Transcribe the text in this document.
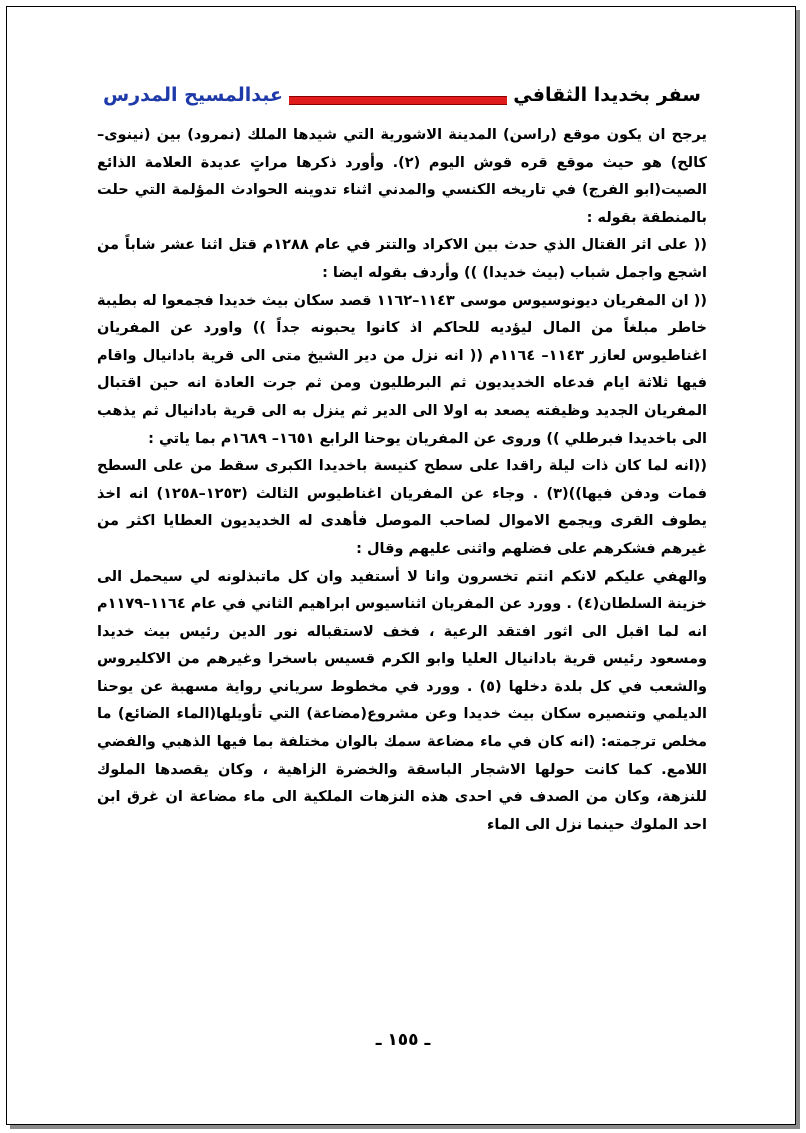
سفر بخديدا الثقافي
عبدالمسيح المدرس

يرجح ان يكون موقع (راسن) المدينة الاشورية التي شيدها الملك (نمرود) بين (نينوى– كالح) هو حيث موقع قره قوش اليوم (٢). وأورد ذكرها مراتٍ عديدة العلامة الذائع الصيت(ابو الفرج) في تاريخه الكنسي والمدني اثناء تدوينه الحوادث المؤلمة التي حلت بالمنطقة بقوله :

(( على اثر القتال الذي حدث بين الاكراد والتتر في عام ١٢٨٨م قتل اثنا عشر شاباً من اشجع واجمل شباب (بيث خديدا) )) وأردف بقوله ايضا :

(( ان المفريان ديونوسيوس موسى ١١٤٣–١١٦٢ قصد سكان بيث خديدا فجمعوا له بطيبة خاطر مبلغاً من المال ليؤديه للحاكم اذ كانوا يحبونه جداً )) واورد عن المفريان اغناطيوس لعازر ١١٤٣– ١١٦٤م (( انه نزل من دير الشيخ متى الى قرية بادانيال واقام فيها ثلاثة ايام فدعاه الخديديون ثم البرطليون ومن ثم جرت العادة انه حين اقتبال المفريان الجديد وظيفته يصعد به اولا الى الدير ثم ينزل به الى قرية بادانيال ثم يذهب الى باخديدا فبرطلي )) وروى عن المفريان يوحنا الرابع ١٦٥١– ١٦٨٩م بما ياتي :

((انه لما كان ذات ليلة راقدا على سطح كنيسة باخديدا الكبرى سقط من على السطح فمات ودفن فيها))(٣) . وجاء عن المفريان اغناطيوس الثالث (١٢٥٣–١٢٥٨) انه اخذ يطوف القرى ويجمع الاموال لصاحب الموصل فأهدى له الخديديون العطايا اكثر من غيرهم فشكرهم على فضلهم واثنى عليهم وقال :

والهفي عليكم لانكم انتم تخسرون وانا لا أستفيد وان كل ماتبذلونه لي سيحمل الى خزينة السلطان(٤) . وورد عن المفريان اثناسيوس ابراهيم الثاني في عام ١١٦٤–١١٧٩م انه لما اقبل الى اثور افتقد الرعية ، فخف لاستقباله نور الدين رئيس بيث خديدا ومسعود رئيس قرية بادانيال العليا وابو الكرم قسيس باسخرا وغيرهم من الاكليروس والشعب في كل بلدة دخلها (٥) . وورد في مخطوط سرياني رواية مسهبة عن يوحنا الديلمي وتنصيره سكان بيث خديدا وعن مشروع(مضاعة) التي تأويلها(الماء الضائع) ما مخلص ترجمته: (انه كان في ماء مضاعة سمك بالوان مختلفة بما فيها الذهبي والفضي اللامع. كما كانت حولها الاشجار الباسقة والخضرة الزاهية ، وكان يقصدها الملوك للنزهة، وكان من الصدف في احدى هذه النزهات الملكية الى ماء مضاعة ان غرق ابن احد الملوك حينما نزل الى الماء

ـ ١٥٥ ـ
